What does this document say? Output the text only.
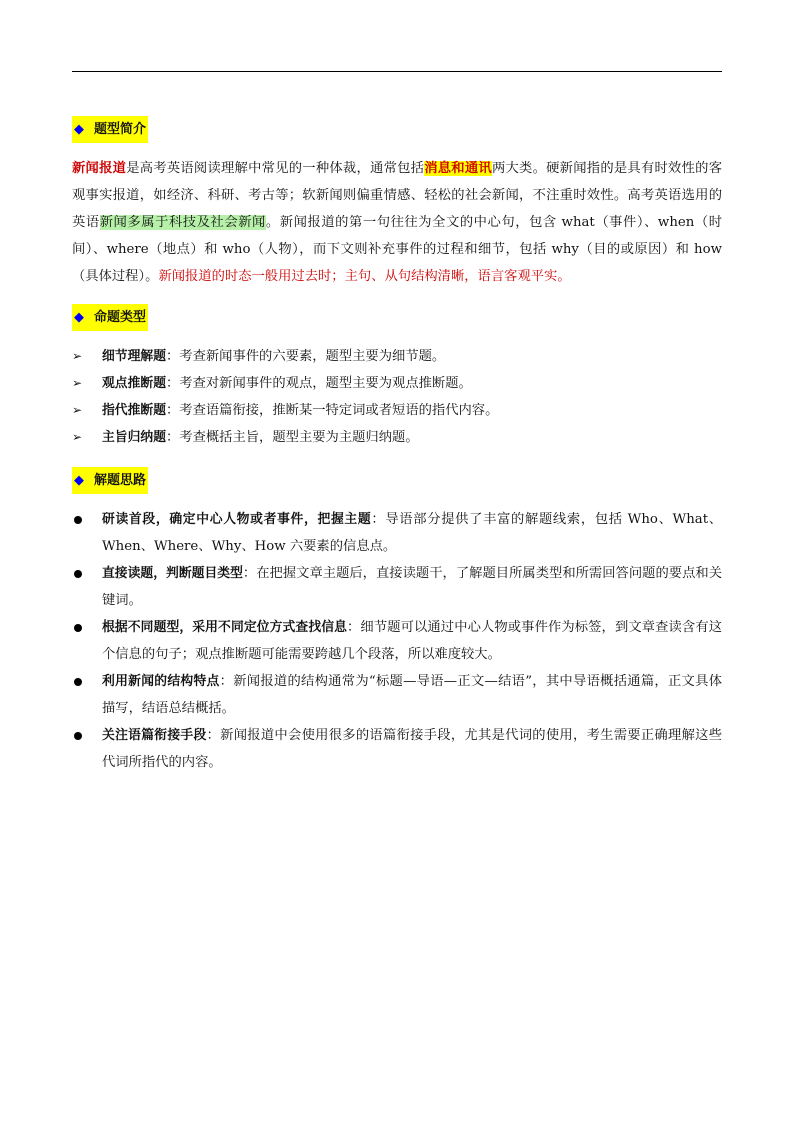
◆ 题型简介

新闻报道是高考英语阅读理解中常见的一种体裁，通常包括消息和通讯两大类。硬新闻指的是具有时效性的客观事实报道，如经济、科研、考古等；软新闻则偏重情感、轻松的社会新闻，不注重时效性。高考英语选用的英语新闻多属于科技及社会新闻。新闻报道的第一句往往为全文的中心句，包含 what（事件）、when（时间）、where（地点）和 who（人物），而下文则补充事件的过程和细节，包括 why（目的或原因）和 how（具体过程）。新闻报道的时态一般用过去时；主句、从句结构清晰，语言客观平实。

◆ 命题类型
➢ 细节理解题：考查新闻事件的六要素，题型主要为细节题。
➢ 观点推断题：考查对新闻事件的观点，题型主要为观点推断题。
➢ 指代推断题：考查语篇衔接，推断某一特定词或者短语的指代内容。
➢ 主旨归纳题：考查概括主旨，题型主要为主题归纳题。
◆ 解题思路
研读首段，确定中心人物或者事件，把握主题：导语部分提供了丰富的解题线索，包括 Who、What、When、Where、Why、How 六要素的信息点。
直接读题，判断题目类型：在把握文章主题后，直接读题干，了解题目所属类型和所需回答问题的要点和关键词。
根据不同题型，采用不同定位方式查找信息：细节题可以通过中心人物或事件作为标签，到文章查读含有这个信息的句子；观点推断题可能需要跨越几个段落，所以难度较大。
利用新闻的结构特点：新闻报道的结构通常为“标题—导语—正文—结语”，其中导语概括通篇，正文具体描写，结语总结概括。
关注语篇衔接手段：新闻报道中会使用很多的语篇衔接手段，尤其是代词的使用，考生需要正确理解这些代词所指代的内容。
